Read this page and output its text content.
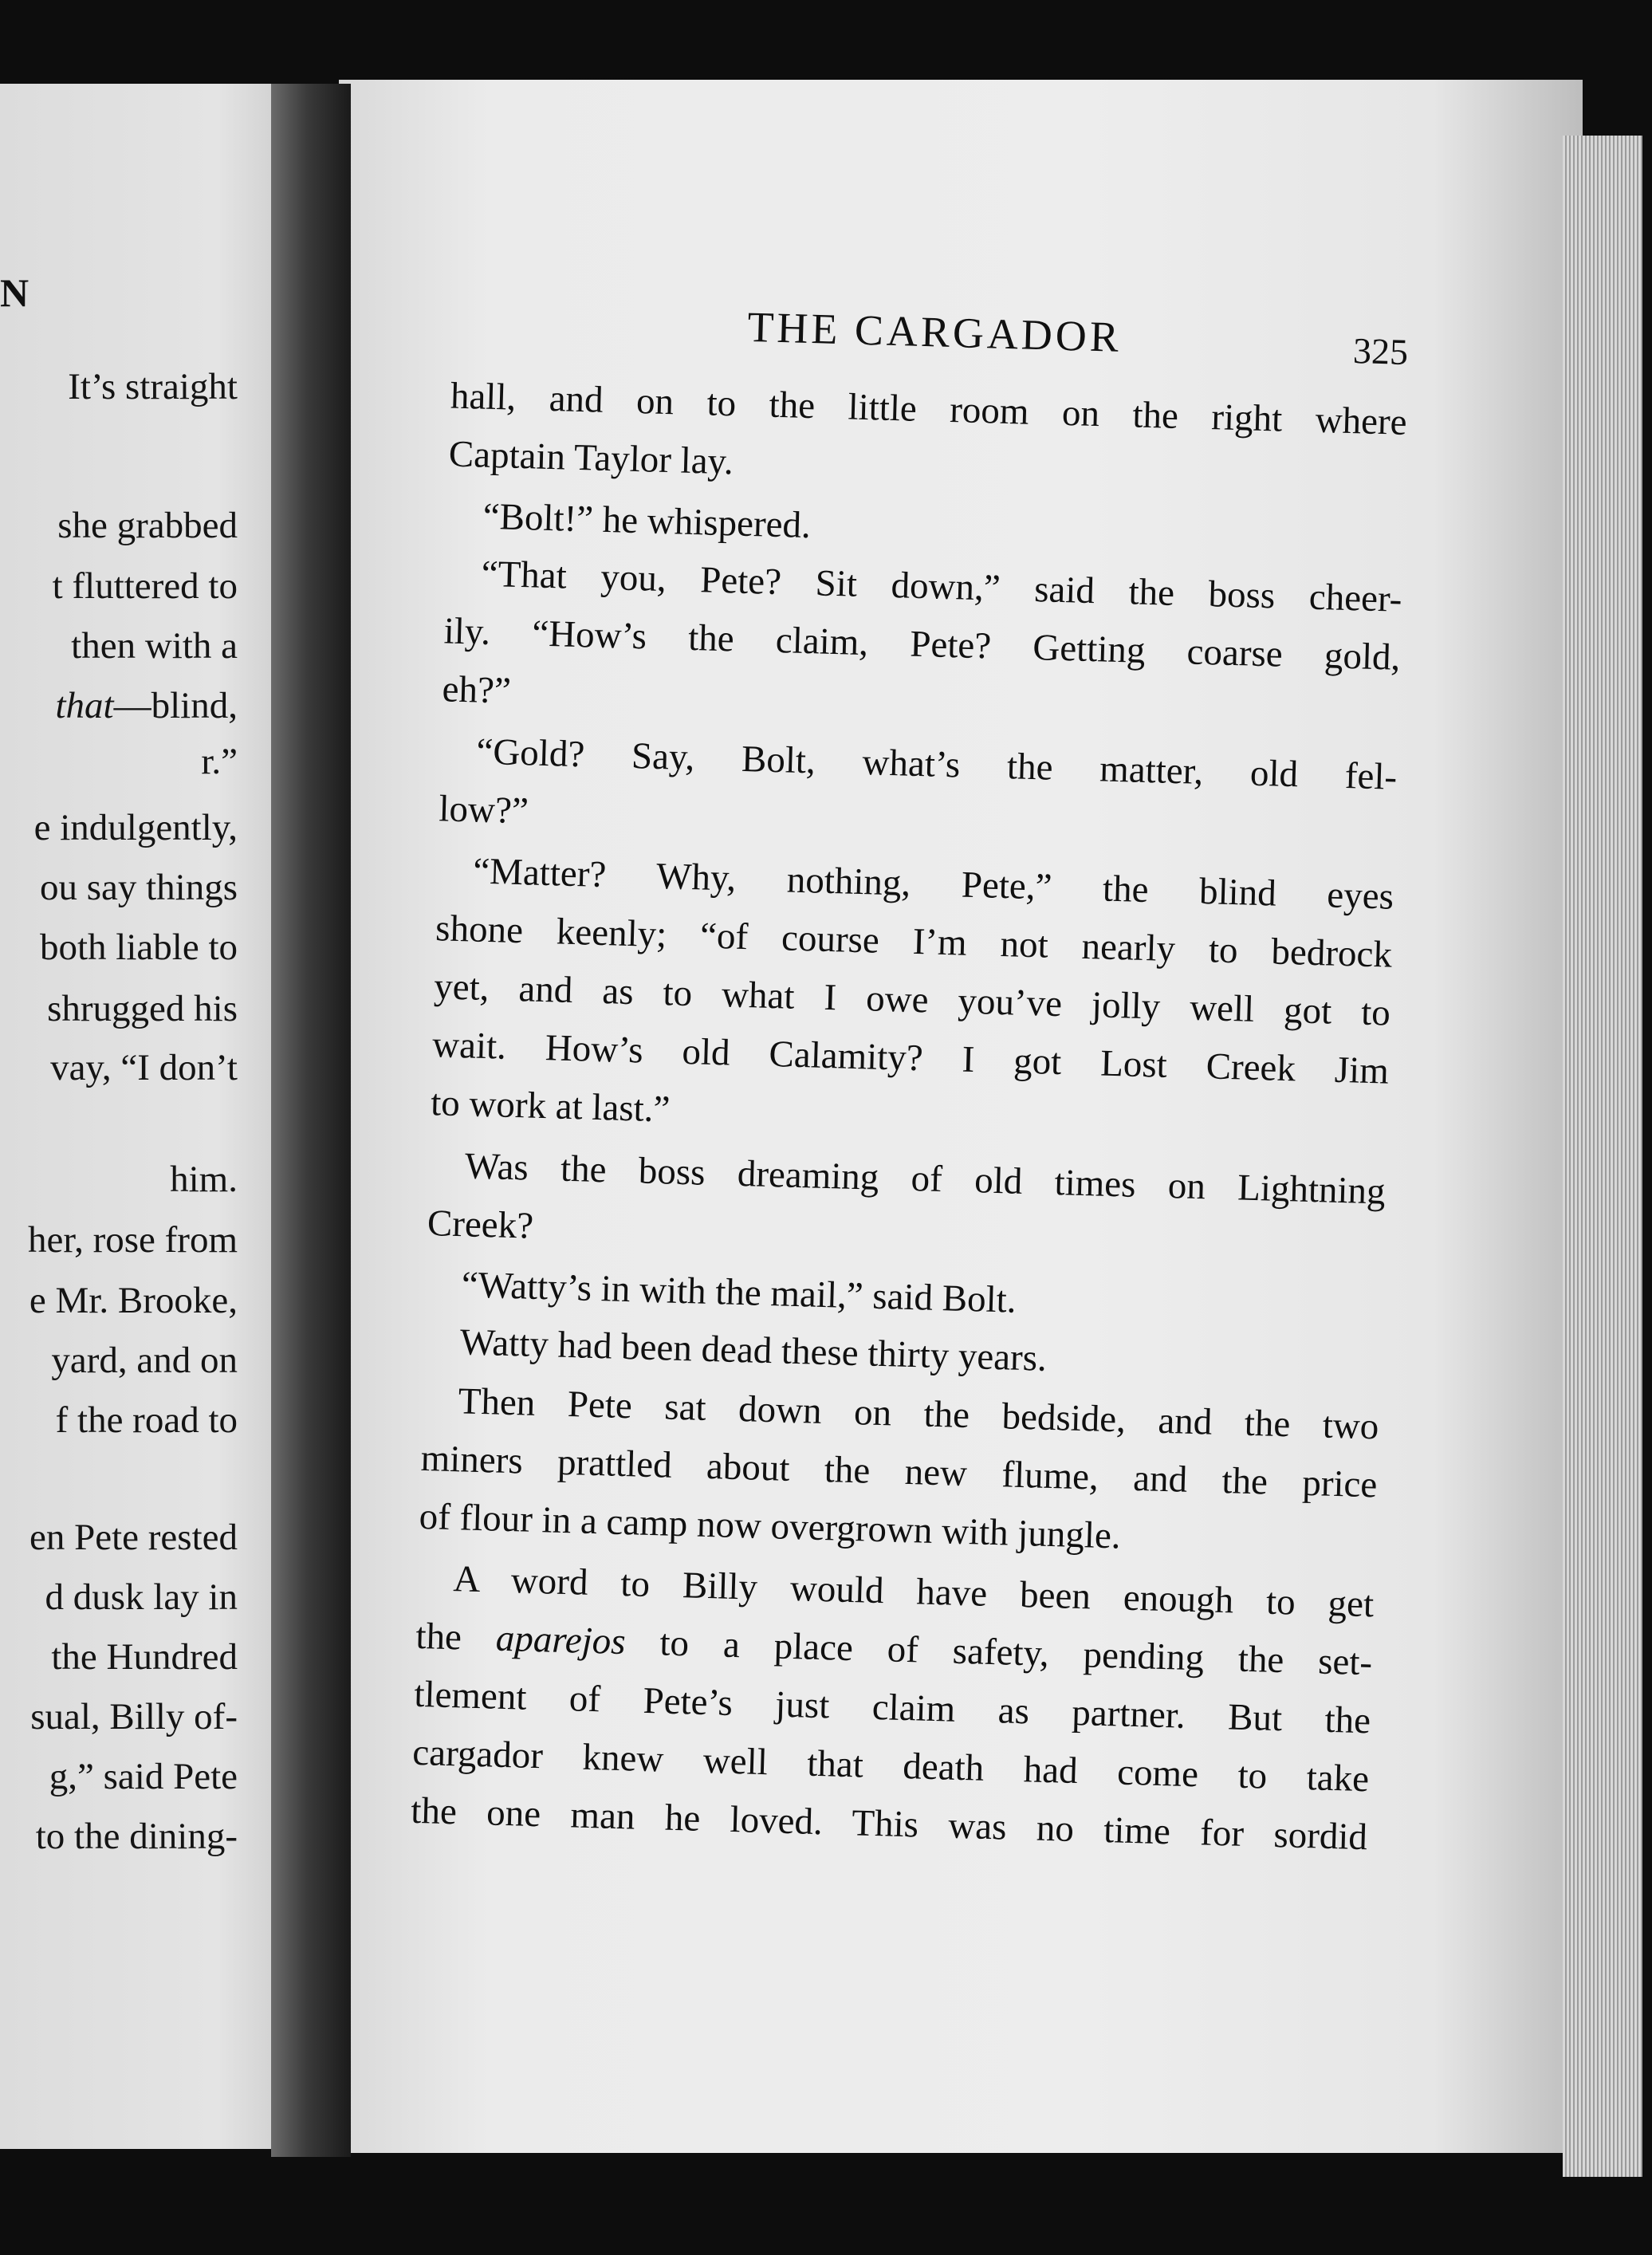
N
It’s straight
she grabbed
t fluttered to
then with a
that—blind,
r.”
e indulgently,
ou say things
both liable to
shrugged his
vay, “I don’t
him.
her, rose from
e Mr. Brooke,
yard, and on
f the road to
en Pete rested
d dusk lay in
the Hundred
sual, Billy of-
g,” said Pete
to the dining-
THE CARGADOR	325
hall, and on to the little room on the right where
Captain Taylor lay.
“Bolt!” he whispered.
“That you, Pete? Sit down,” said the boss cheer-
ily. “How’s the claim, Pete? Getting coarse gold,
eh?”
“Gold? Say, Bolt, what’s the matter, old fel-
low?”
“Matter? Why, nothing, Pete,” the blind eyes
shone keenly; “of course I’m not nearly to bedrock
yet, and as to what I owe you’ve jolly well got to
wait. How’s old Calamity? I got Lost Creek Jim
to work at last.”
Was the boss dreaming of old times on Lightning
Creek?
“Watty’s in with the mail,” said Bolt.
Watty had been dead these thirty years.
Then Pete sat down on the bedside, and the two
miners prattled about the new flume, and the price
of flour in a camp now overgrown with jungle.
A word to Billy would have been enough to get
the aparejos to a place of safety, pending the set-
tlement of Pete’s just claim as partner. But the
cargador knew well that death had come to take
the one man he loved. This was no time for sordid
